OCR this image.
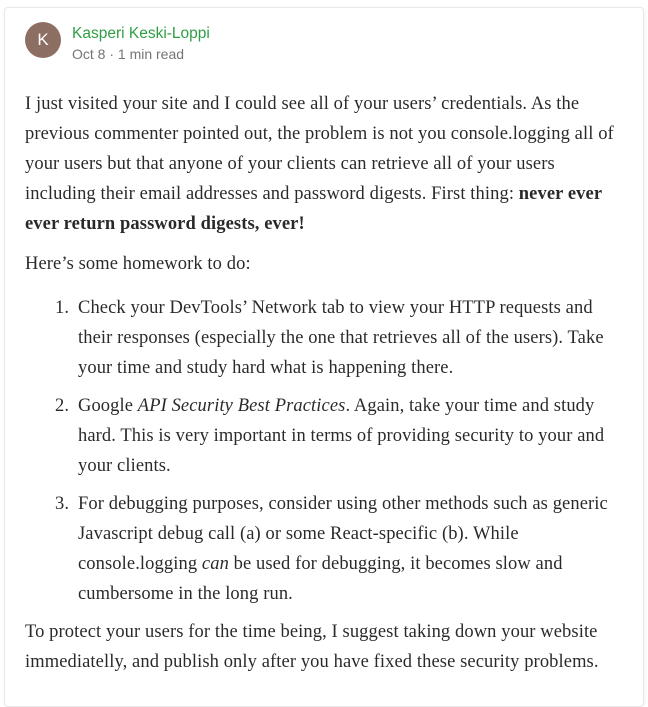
K	Kasperi Keski-Loppi
Oct 8 · 1 min read

I just visited your site and I could see all of your users’ credentials. As the previous commenter pointed out, the problem is not you console.logging all of your users but that anyone of your clients can retrieve all of your users including their email addresses and password digests. First thing: never ever ever return password digests, ever!

Here’s some homework to do:

1. Check your DevTools’ Network tab to view your HTTP requests and their responses (especially the one that retrieves all of the users). Take your time and study hard what is happening there.
2. Google API Security Best Practices. Again, take your time and study hard. This is very important in terms of providing security to your and your clients.
3. For debugging purposes, consider using other methods such as generic Javascript debug call (a) or some React-specific (b). While console.logging can be used for debugging, it becomes slow and cumbersome in the long run.

To protect your users for the time being, I suggest taking down your website immediatelly, and publish only after you have fixed these security problems.
